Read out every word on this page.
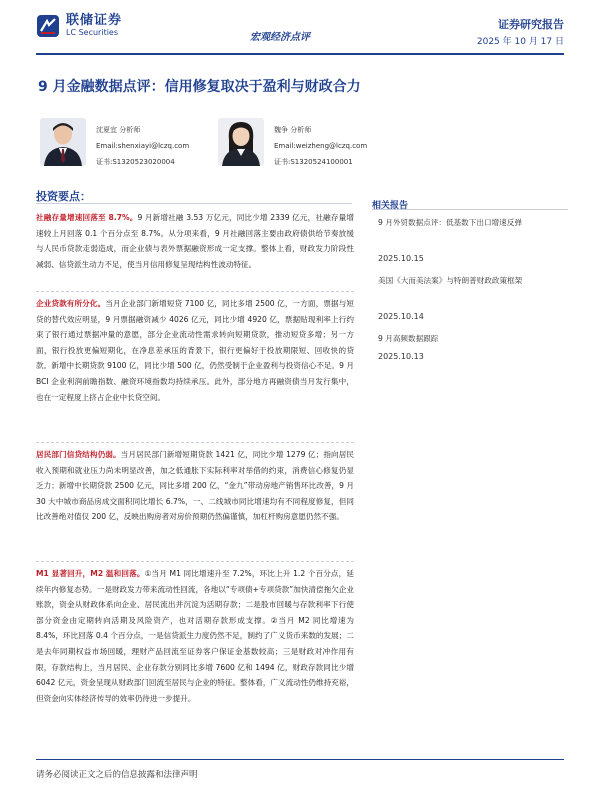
联储证券
LC Securities	宏观经济点评
证券研究报告
2025 年 10 月 17 日
9 月金融数据点评：信用修复取决于盈利与财政合力
沈夏宜 分析师
Email:shenxiayi@lczq.com
证书:S1320523020004
魏争 分析师
Email:weizheng@lczq.com
证书:S1320524100001
投资要点：
社融存量增速回落至 8.7%。9 月新增社融 3.53 万亿元，同比少增 2339 亿元，社融存量增速较上月回落 0.1 个百分点至 8.7%。从分项来看，9 月社融回落主要由政府债供给节奏放缓与人民币贷款走弱造成，而企业债与表外票据融资形成一定支撑。整体上看，财政发力阶段性减弱、信贷派生动力不足，使当月信用修复呈现结构性波动特征。
企业贷款有所分化。当月企业部门新增短贷 7100 亿，同比多增 2500 亿，一方面，票据与短贷的替代效应明显，9 月票据融资减少 4026 亿元，同比少增 4920 亿，票据贴现利率上行约束了银行通过票据冲量的意愿，部分企业流动性需求转向短期贷款，推动短贷多增；另一方面，银行投放更偏短期化，在净息差承压的背景下，银行更偏好于投放期限短、回收快的贷款。新增中长期贷款 9100 亿，同比少增 500 亿，仍然受制于企业盈利与投资信心不足。9 月 BCI 企业利润前瞻指数、融资环境指数均持续承压。此外，部分地方再融资债当月发行集中，也在一定程度上挤占企业中长贷空间。
居民部门信贷结构仍弱。当月居民部门新增短期贷款 1421 亿，同比少增 1279 亿；指向居民收入预期和就业压力尚未明显改善，加之低通胀下实际利率对举借的约束，消费信心修复仍显乏力；新增中长期贷款 2500 亿元，同比多增 200 亿，“金九”带动房地产销售环比改善，9 月 30 大中城市商品房成交面积同比增长 6.7%，一、二线城市同比增速均有不同程度修复，但同比改善绝对值仅 200 亿，反映出购房者对房价预期仍然偏谨慎，加杠杆购房意愿仍然不强。
M1 显著回升，M2 温和回落。①当月 M1 同比增速升至 7.2%，环比上升 1.2 个百分点，延续年内修复态势。一是财政发力带来流动性回流，各地以“专项债+专项贷款”加快清偿拖欠企业账款，资金从财政体系向企业、居民流出并沉淀为活期存款；二是股市回暖与存款利率下行使部分资金由定期转向活期及风险资产，也对活期存款形成支撑。②当月 M2 同比增速为 8.4%，环比回落 0.4 个百分点，一是信贷派生力度仍然不足，制约了广义货币来数的发展；二是去年同期权益市场回暖，理财产品回流至证券客户保证金基数较高；三是财政对冲作用有限，存款结构上，当月居民、企业存款分别同比多增 7600 亿和 1494 亿，财政存款同比少增 6042 亿元，资金呈现从财政部门回流至居民与企业的特征。整体看，广义流动性仍维持充裕，但资金向实体经济传导的效率仍待进一步提升。
相关报告
9 月外贸数据点评：低基数下出口增速反弹
2025.10.15
美国《大而美法案》与特朗普财政政策框架
2025.10.14
9 月高频数据跟踪
2025.10.13
请务必阅读正文之后的信息披露和法律声明
